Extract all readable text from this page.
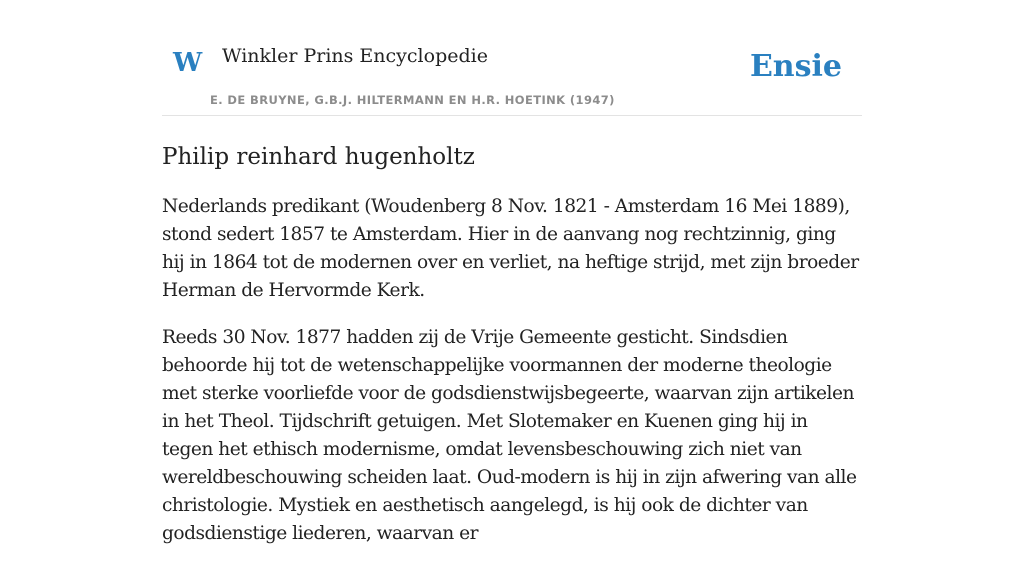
W Winkler Prins Encyclopedie
E. DE BRUYNE, G.B.J. HILTERMANN EN H.R. HOETINK (1947)
Ensie
Philip reinhard hugenholtz

Nederlands predikant (Woudenberg 8 Nov. 1821 - Amsterdam 16 Mei 1889), stond sedert 1857 te Amsterdam. Hier in de aanvang nog rechtzinnig, ging hij in 1864 tot de modernen over en verliet, na heftige strijd, met zijn broeder Herman de Hervormde Kerk.

Reeds 30 Nov. 1877 hadden zij de Vrije Gemeente gesticht. Sindsdien behoorde hij tot de wetenschappelijke voormannen der moderne theologie met sterke voorliefde voor de godsdienstwijsbegeerte, waarvan zijn artikelen in het Theol. Tijdschrift getuigen. Met Slotemaker en Kuenen ging hij in tegen het ethisch modernisme, omdat levensbeschouwing zich niet van wereldbeschouwing scheiden laat. Oud-modern is hij in zijn afwering van alle christologie. Mystiek en aesthetisch aangelegd, is hij ook de dichter van godsdienstige liederen, waarvan er
